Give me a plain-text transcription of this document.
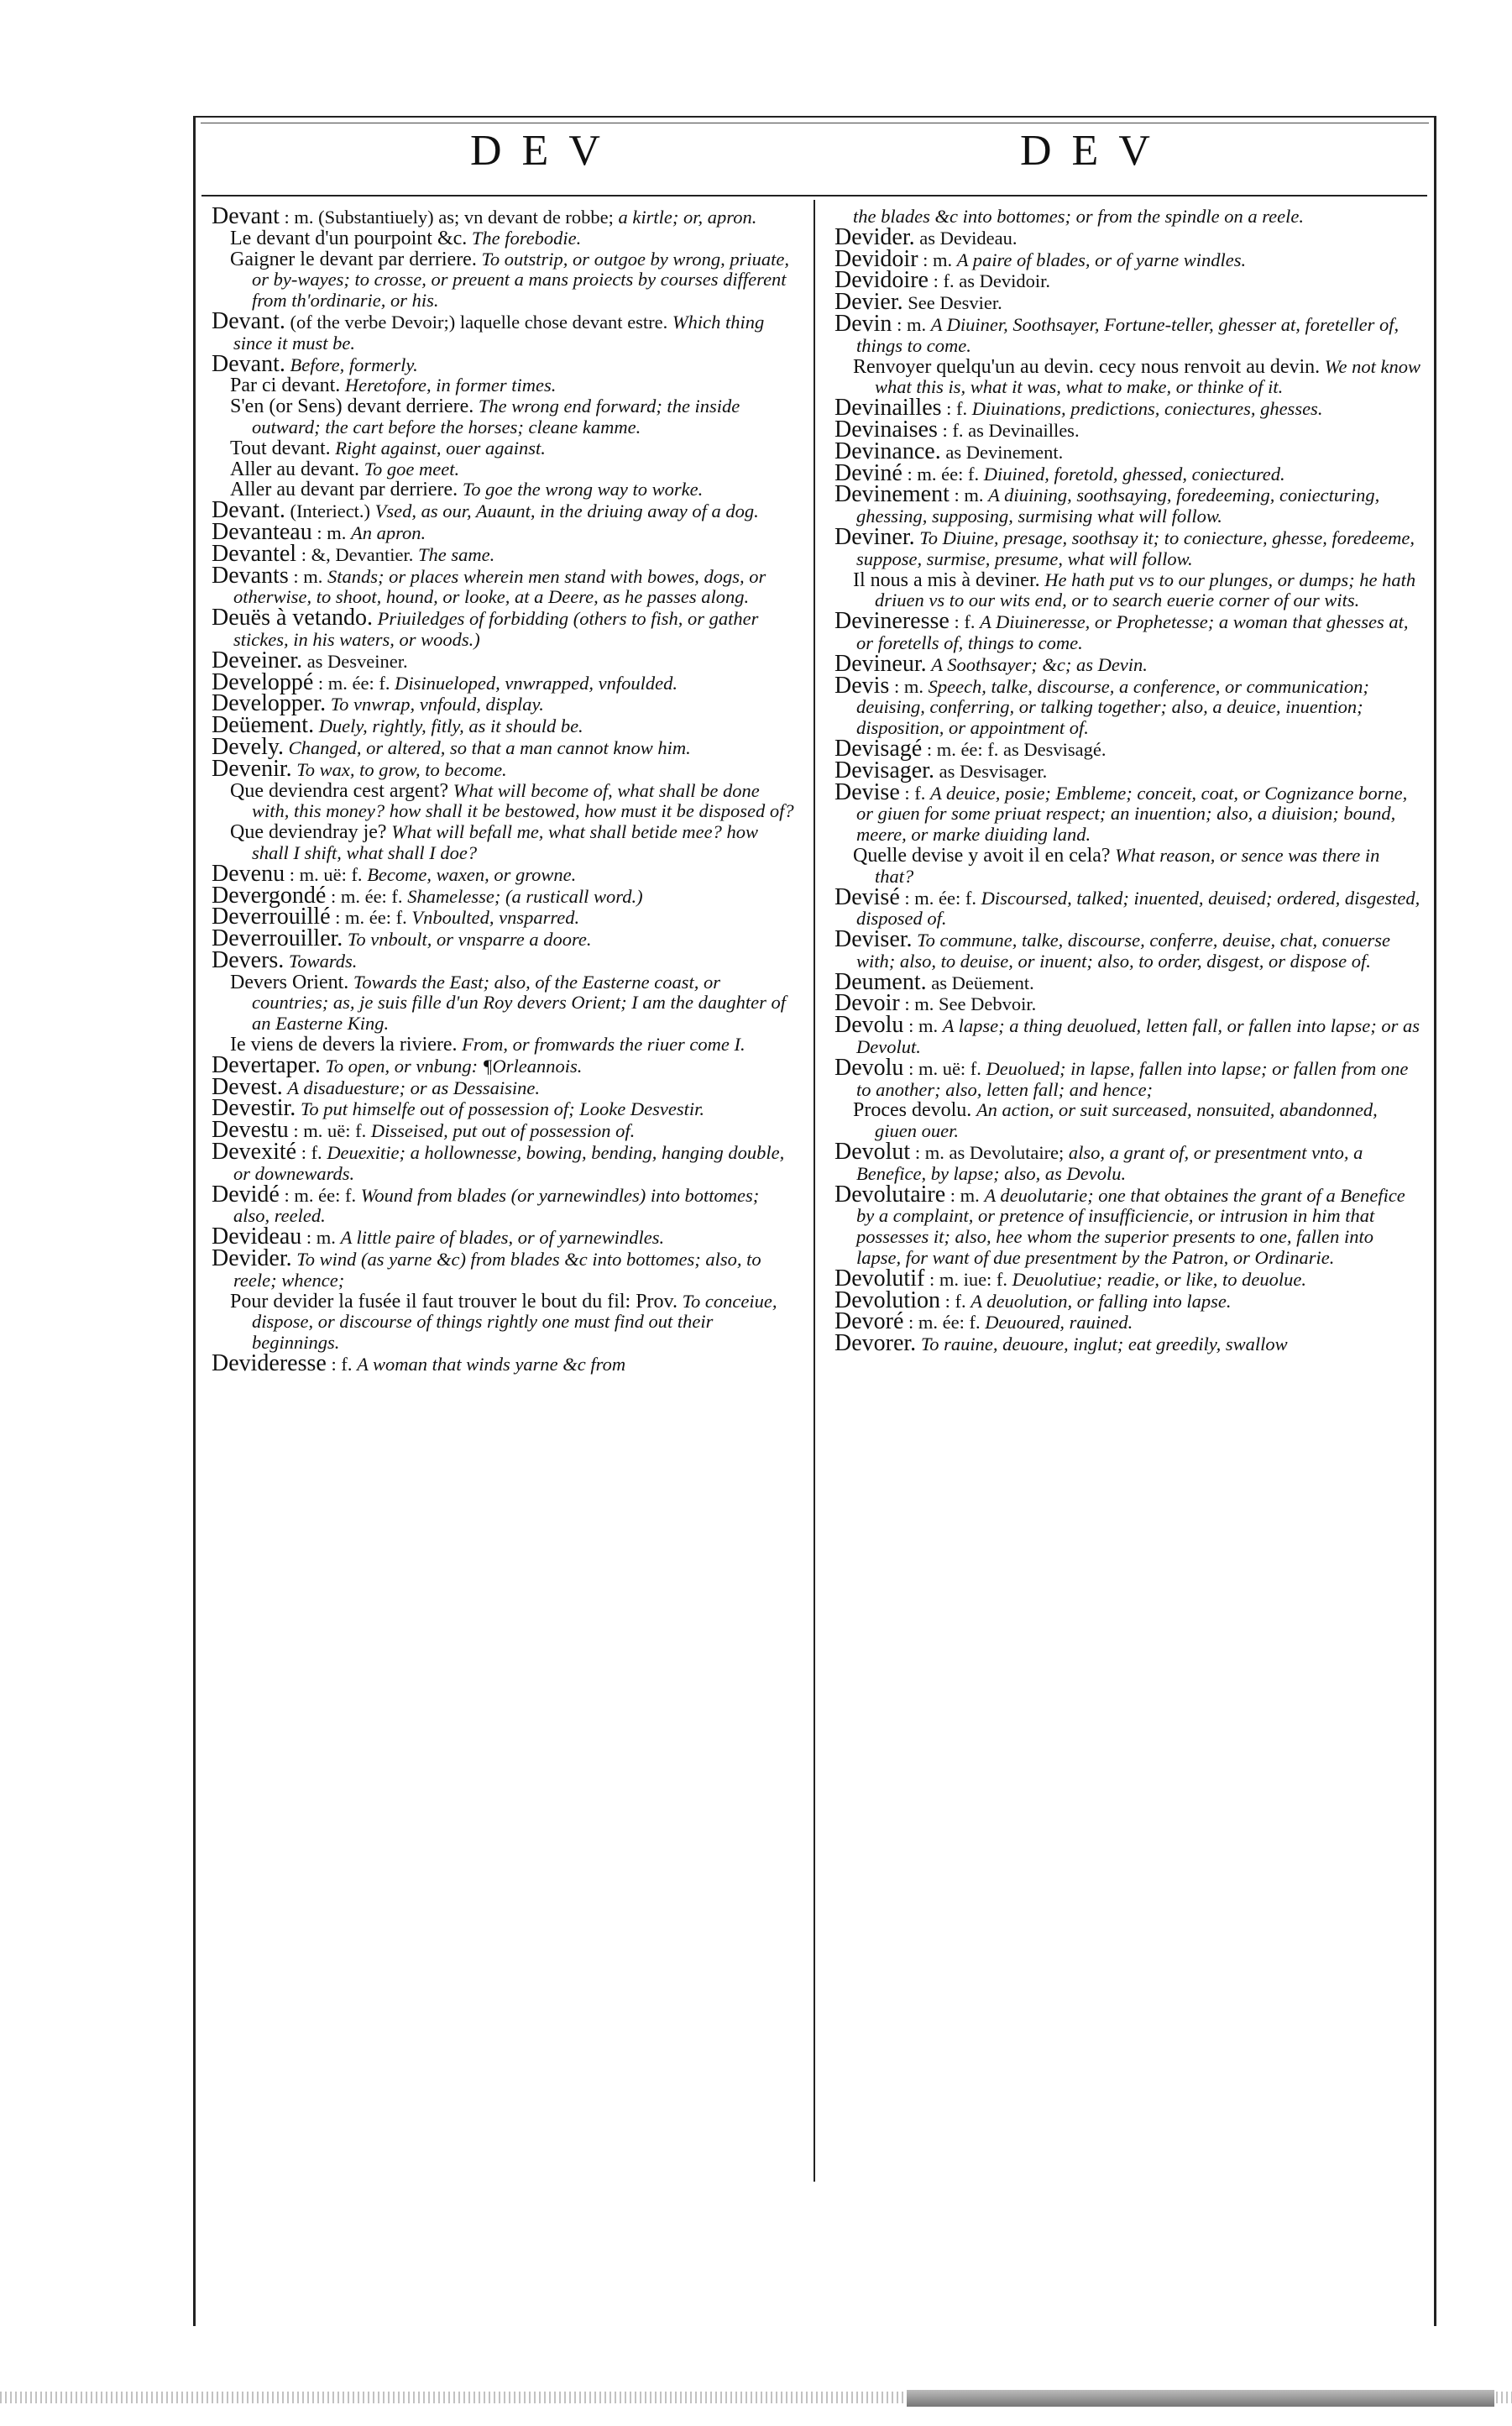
DEV	DEV

Devant : m. (Substantiuely) as; vn devant de robbe; a kirtle; or, apron.

Le devant d'un pourpoint &c. The forebodie.

Gaigner le devant par derriere. To outstrip, or outgoe by wrong, priuate, or by-wayes; to crosse, or preuent a mans proiects by courses different from th'ordinarie, or his.

Devant. (of the verbe Devoir;) laquelle chose devant estre. Which thing since it must be.

Devant. Before, formerly.

Par ci devant. Heretofore, in former times.

S'en (or Sens) devant derriere. The wrong end forward; the inside outward; the cart before the horses; cleane kamme.

Tout devant. Right against, ouer against.

Aller au devant. To goe meet.

Aller au devant par derriere. To goe the wrong way to worke.

Devant. (Interiect.) Vsed, as our, Auaunt, in the driuing away of a dog.

Devanteau : m. An apron.

Devantel : &, Devantier. The same.

Devants : m. Stands; or places wherein men stand with bowes, dogs, or otherwise, to shoot, hound, or looke, at a Deere, as he passes along.

Deuës à vetando. Priuiledges of forbidding (others to fish, or gather stickes, in his waters, or woods.)

Deveiner. as Desveiner.

Developpé : m. ée: f. Disinueloped, vnwrapped, vnfoulded.

Developper. To vnwrap, vnfould, display.

Deüement. Duely, rightly, fitly, as it should be.

Devely. Changed, or altered, so that a man cannot know him.

Devenir. To wax, to grow, to become.

Que deviendra cest argent? What will become of, what shall be done with, this money? how shall it be bestowed, how must it be disposed of?

Que deviendray je? What will befall me, what shall betide mee? how shall I shift, what shall I doe?

Devenu : m. uë: f. Become, waxen, or growne.

Devergondé : m. ée: f. Shamelesse; (a rusticall word.)

Deverrouillé : m. ée: f. Vnboulted, vnsparred.

Deverrouiller. To vnboult, or vnsparre a doore.

Devers. Towards.

Devers Orient. Towards the East; also, of the Easterne coast, or countries; as, je suis fille d'un Roy devers Orient; I am the daughter of an Easterne King.

Ie viens de devers la riviere. From, or fromwards the riuer come I.

Devertaper. To open, or vnbung: ¶Orleannois.

Devest. A disaduesture; or as Dessaisine.

Devestir. To put himselfe out of possession of; Looke Desvestir.

Devestu : m. uë: f. Disseised, put out of possession of.

Devexité : f. Deuexitie; a hollownesse, bowing, bending, hanging double, or downewards.

Devidé : m. ée: f. Wound from blades (or yarnewindles) into bottomes; also, reeled.

Devideau : m. A little paire of blades, or of yarnewindles.

Devider. To wind (as yarne &c) from blades &c into bottomes; also, to reele; whence;

Pour devider la fusée il faut trouver le bout du fil: Prov. To conceiue, dispose, or discourse of things rightly one must find out their beginnings.

Devideresse : f. A woman that winds yarne &c from

the blades &c into bottomes; or from the spindle on a reele.

Devider. as Devideau.

Devidoir : m. A paire of blades, or of yarne windles.

Devidoire : f. as Devidoir.

Devier. See Desvier.

Devin : m. A Diuiner, Soothsayer, Fortune-teller, ghesser at, foreteller of, things to come.

Renvoyer quelqu'un au devin. cecy nous renvoit au devin. We not know what this is, what it was, what to make, or thinke of it.

Devinailles : f. Diuinations, predictions, coniectures, ghesses.

Devinaises : f. as Devinailles.

Devinance. as Devinement.

Deviné : m. ée: f. Diuined, foretold, ghessed, coniectured.

Devinement : m. A diuining, soothsaying, foredeeming, coniecturing, ghessing, supposing, surmising what will follow.

Deviner. To Diuine, presage, soothsay it; to coniecture, ghesse, foredeeme, suppose, surmise, presume, what will follow.

Il nous a mis à deviner. He hath put vs to our plunges, or dumps; he hath driuen vs to our wits end, or to search euerie corner of our wits.

Devineresse : f. A Diuineresse, or Prophetesse; a woman that ghesses at, or foretells of, things to come.

Devineur. A Soothsayer; &c; as Devin.

Devis : m. Speech, talke, discourse, a conference, or communication; deuising, conferring, or talking together; also, a deuice, inuention; disposition, or appointment of.

Devisagé : m. ée: f. as Desvisagé.

Devisager. as Desvisager.

Devise : f. A deuice, posie; Embleme; conceit, coat, or Cognizance borne, or giuen for some priuat respect; an inuention; also, a diuision; bound, meere, or marke diuiding land.

Quelle devise y avoit il en cela? What reason, or sence was there in that?

Devisé : m. ée: f. Discoursed, talked; inuented, deuised; ordered, disgested, disposed of.

Deviser. To commune, talke, discourse, conferre, deuise, chat, conuerse with; also, to deuise, or inuent; also, to order, disgest, or dispose of.

Deument. as Deüement.

Devoir : m. See Debvoir.

Devolu : m. A lapse; a thing deuolued, letten fall, or fallen into lapse; or as Devolut.

Devolu : m. uë: f. Deuolued; in lapse, fallen into lapse; or fallen from one to another; also, letten fall; and hence;

Proces devolu. An action, or suit surceased, nonsuited, abandonned, giuen ouer.

Devolut : m. as Devolutaire; also, a grant of, or presentment vnto, a Benefice, by lapse; also, as Devolu.

Devolutaire : m. A deuolutarie; one that obtaines the grant of a Benefice by a complaint, or pretence of insufficiencie, or intrusion in him that possesses it; also, hee whom the superior presents to one, fallen into lapse, for want of due presentment by the Patron, or Ordinarie.

Devolutif : m. iue: f. Deuolutiue; readie, or like, to deuolue.

Devolution : f. A deuolution, or falling into lapse.

Devoré : m. ée: f. Deuoured, rauined.

Devorer. To rauine, deuoure, inglut; eat greedily, swallow
